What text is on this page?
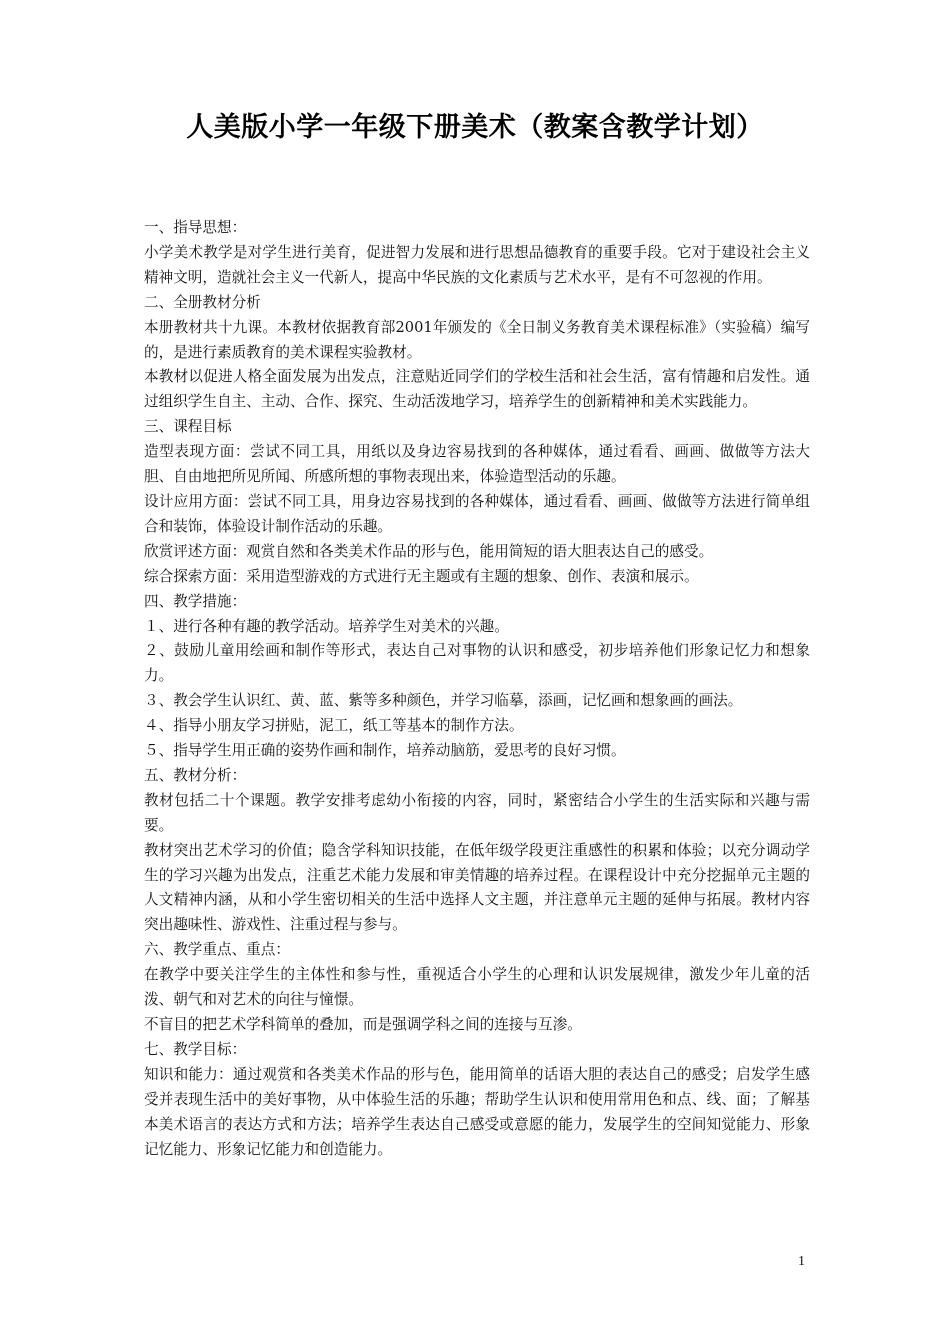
人美版小学一年级下册美术（教案含教学计划）

一、指导思想：

小学美术教学是对学生进行美育，促进智力发展和进行思想品德教育的重要手段。它对于建设社会主义精神文明，造就社会主义一代新人，提高中华民族的文化素质与艺术水平，是有不可忽视的作用。

二、全册教材分析

本册教材共十九课。本教材依据教育部2001年颁发的《全日制义务教育美术课程标准》（实验稿）编写的，是进行素质教育的美术课程实验教材。

本教材以促进人格全面发展为出发点，注意贴近同学们的学校生活和社会生活，富有情趣和启发性。通过组织学生自主、主动、合作、探究、生动活泼地学习，培养学生的创新精神和美术实践能力。

三、课程目标

造型表现方面：尝试不同工具，用纸以及身边容易找到的各种媒体，通过看看、画画、做做等方法大胆、自由地把所见所闻、所感所想的事物表现出来，体验造型活动的乐趣。

设计应用方面：尝试不同工具，用身边容易找到的各种媒体，通过看看、画画、做做等方法进行简单组合和装饰，体验设计制作活动的乐趣。

欣赏评述方面：观赏自然和各类美术作品的形与色，能用简短的语大胆表达自己的感受。

综合探索方面：采用造型游戏的方式进行无主题或有主题的想象、创作、表演和展示。

四、教学措施：

１、进行各种有趣的教学活动。培养学生对美术的兴趣。

２、鼓励儿童用绘画和制作等形式，表达自己对事物的认识和感受，初步培养他们形象记忆力和想象力。

３、教会学生认识红、黄、蓝、紫等多种颜色，并学习临摹，添画，记忆画和想象画的画法。

４、指导小朋友学习拼贴，泥工，纸工等基本的制作方法。

５、指导学生用正确的姿势作画和制作，培养动脑筋，爱思考的良好习惯。

五、教材分析：

教材包括二十个课题。教学安排考虑幼小衔接的内容，同时，紧密结合小学生的生活实际和兴趣与需要。

教材突出艺术学习的价值；隐含学科知识技能，在低年级学段更注重感性的积累和体验；以充分调动学生的学习兴趣为出发点，注重艺术能力发展和审美情趣的培养过程。在课程设计中充分挖掘单元主题的人文精神内涵，从和小学生密切相关的生活中选择人文主题，并注意单元主题的延伸与拓展。教材内容突出趣味性、游戏性、注重过程与参与。

六、教学重点、重点：

在教学中要关注学生的主体性和参与性，重视适合小学生的心理和认识发展规律，激发少年儿童的活泼、朝气和对艺术的向往与憧憬。

不盲目的把艺术学科简单的叠加，而是强调学科之间的连接与互渗。

七、教学目标：

知识和能力：通过观赏和各类美术作品的形与色，能用简单的话语大胆的表达自己的感受；启发学生感受并表现生活中的美好事物，从中体验生活的乐趣；帮助学生认识和使用常用色和点、线、面；了解基本美术语言的表达方式和方法；培养学生表达自己感受或意愿的能力，发展学生的空间知觉能力、形象记忆能力、形象记忆能力和创造能力。

1
